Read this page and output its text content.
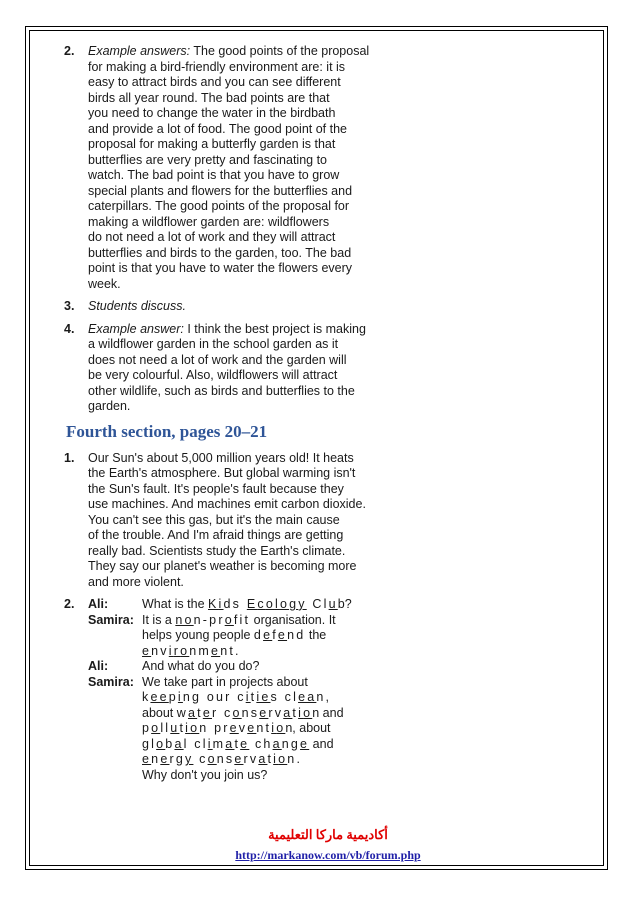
2. Example answers: The good points of the proposal
for making a bird-friendly environment are: it is
easy to attract birds and you can see different
birds all year round. The bad points are that
you need to change the water in the birdbath
and provide a lot of food. The good point of the
proposal for making a butterfly garden is that
butterflies are very pretty and fascinating to
watch. The bad point is that you have to grow
special plants and flowers for the butterflies and
caterpillars. The good points of the proposal for
making a wildflower garden are: wildflowers
do not need a lot of work and they will attract
butterflies and birds to the garden, too. The bad
point is that you have to water the flowers every
week.
3. Students discuss.
4. Example answer: I think the best project is making
a wildflower garden in the school garden as it
does not need a lot of work and the garden will
be very colourful. Also, wildflowers will attract
other wildlife, such as birds and butterflies to the
garden.
Fourth section, pages 20–21
1. Our Sun's about 5,000 million years old! It heats
the Earth's atmosphere. But global warming isn't
the Sun's fault. It's people's fault because they
use machines. And machines emit carbon dioxide.
You can't see this gas, but it's the main cause
of the trouble. And I'm afraid things are getting
really bad. Scientists study the Earth's climate.
They say our planet's weather is becoming more
and more violent.
2. Ali:	What is the Kids Ecology Club?
Samira: It is a non-profit organisation. It
helps young people defend the
environment.
Ali:	And what do you do?
Samira: We take part in projects about
keeping our cities clean,
about water conservation and
pollution prevention, about
global climate change and
energy conservation.
Why don't you join us?
أكاديمية ماركا التعليمية
http://markanow.com/vb/forum.php
